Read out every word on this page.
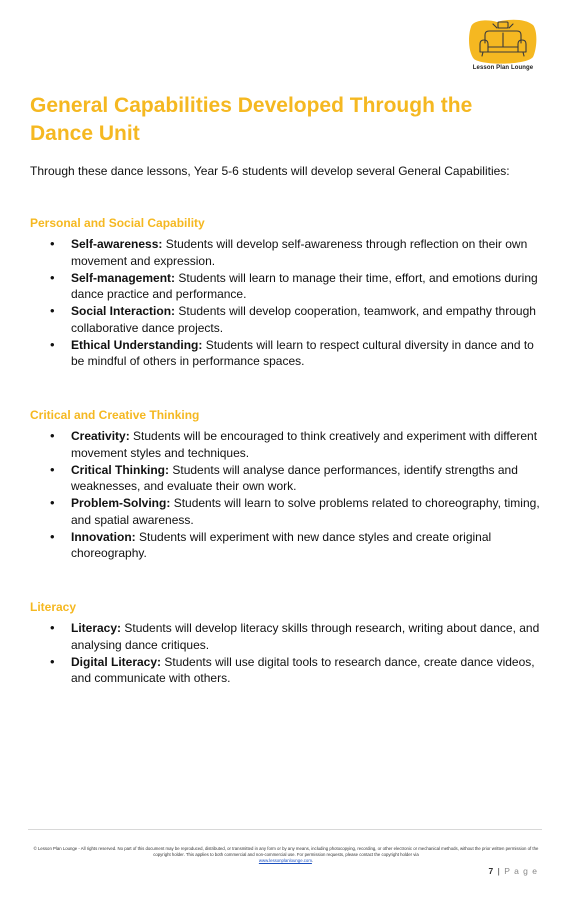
Lesson Plan Lounge
General Capabilities Developed Through the Dance Unit

Through these dance lessons, Year 5-6 students will develop several General Capabilities:

Personal and Social Capability
• Self-awareness: Students will develop self-awareness through reflection on their own movement and expression.
• Self-management: Students will learn to manage their time, effort, and emotions during dance practice and performance.
• Social Interaction: Students will develop cooperation, teamwork, and empathy through collaborative dance projects.
• Ethical Understanding: Students will learn to respect cultural diversity in dance and to be mindful of others in performance spaces.
Critical and Creative Thinking
• Creativity: Students will be encouraged to think creatively and experiment with different movement styles and techniques.
• Critical Thinking: Students will analyse dance performances, identify strengths and weaknesses, and evaluate their own work.
• Problem-Solving: Students will learn to solve problems related to choreography, timing, and spatial awareness.
• Innovation: Students will experiment with new dance styles and create original choreography.
Literacy
• Literacy: Students will develop literacy skills through research, writing about dance, and analysing dance critiques.
• Digital Literacy: Students will use digital tools to research dance, create dance videos, and communicate with others.
© Lesson Plan Lounge - All rights reserved. No part of this document may be reproduced, distributed, or transmitted in any form or by any means, including photocopying, recording, or other electronic or mechanical methods, without the prior written permission of the copyright holder. This applies to both commercial and non-commercial use. For permission requests, please contact the copyright holder via
www.lessonplanlounge.com.
7 | P a g e
